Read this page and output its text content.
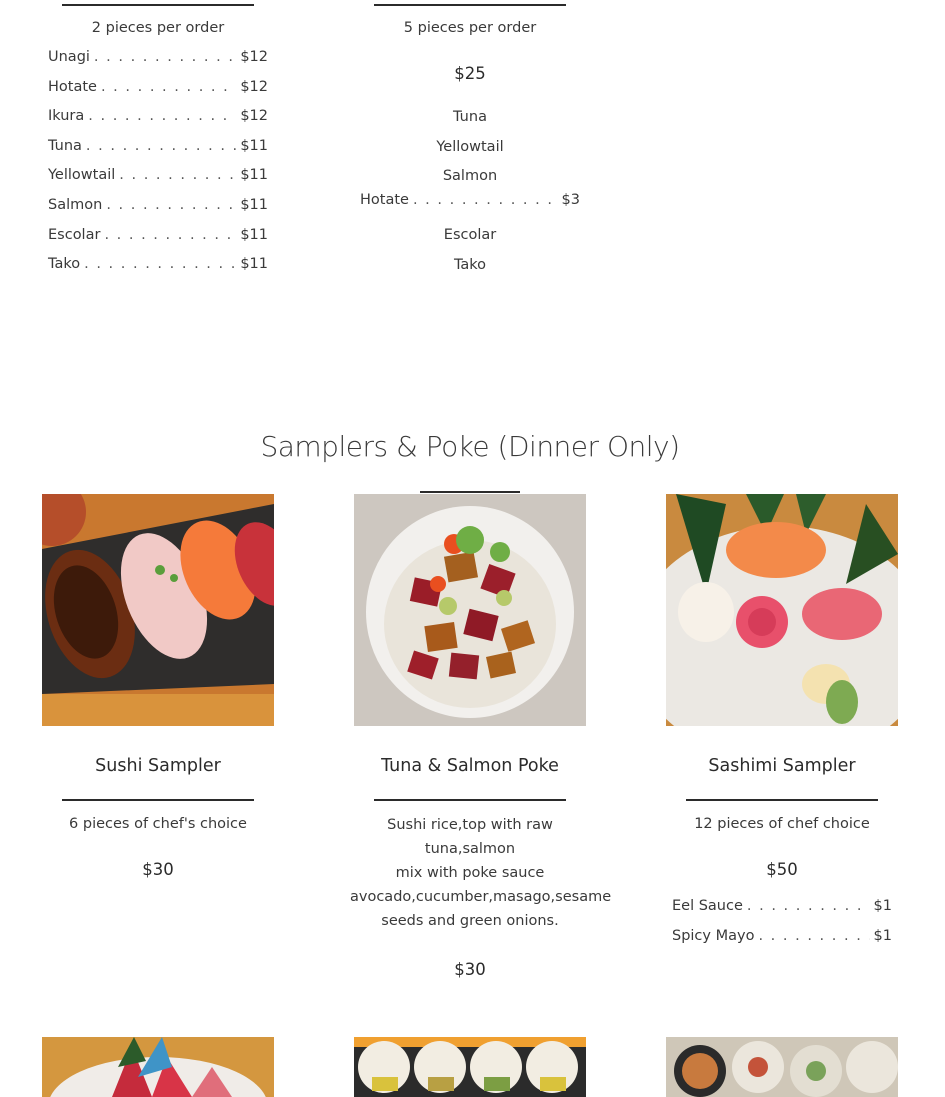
2 pieces per order
Unagi . . .	$12
Hotate . . .	$12
Ikura . . .	$12
Tuna . . .	$11
Yellowtail . . .	$11
Salmon . . .	$11
Escolar . . .	$11
Tako . . .	$11
5 pieces per order
$25
Tuna
Yellowtail
Salmon
Hotate . . .	$3
Escolar
Tako
Samplers & Poke (Dinner Only)
Sushi Sampler	Tuna & Salmon Poke	Sashimi Sampler
6 pieces of chef's choice
$30
Sushi rice,top with raw tuna,salmon
mix with poke sauce
avocado,cucumber,masago,sesame
seeds and green onions.
$30
12 pieces of chef choice
$50
Eel Sauce . . .	$1
Spicy Mayo . . .	$1
